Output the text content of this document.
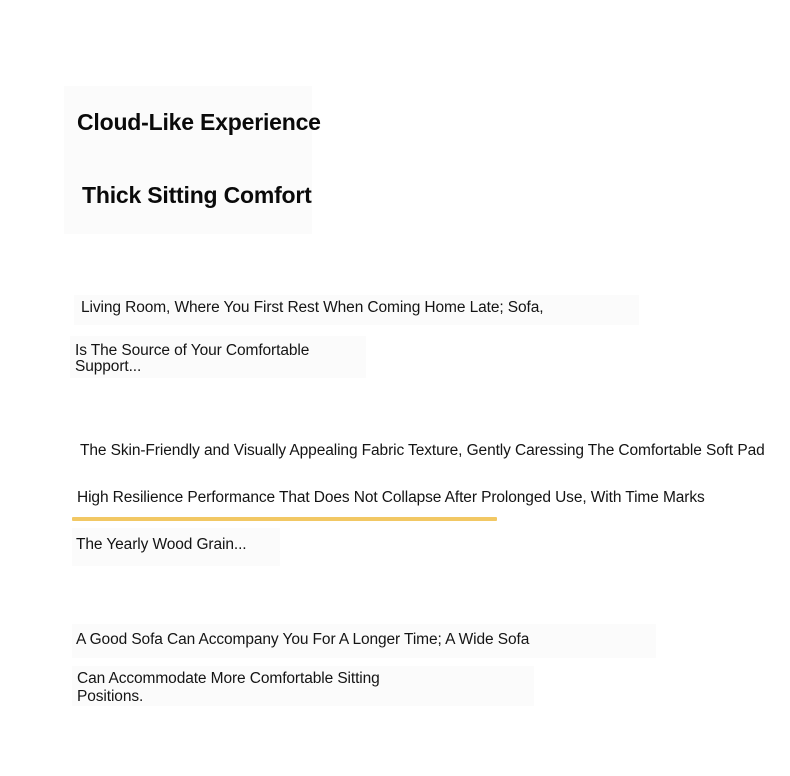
Cloud-Like Experience
Thick Sitting Comfort
Living Room, Where You First Rest When Coming Home Late; Sofa,
Is The Source of Your Comfortable
Support...
The Skin-Friendly and Visually Appealing Fabric Texture, Gently Caressing The Comfortable Soft Pad
High Resilience Performance That Does Not Collapse After Prolonged Use, With Time Marks
The Yearly Wood Grain...
A Good Sofa Can Accompany You For A Longer Time; A Wide Sofa
Can Accommodate More Comfortable Sitting
Positions.
